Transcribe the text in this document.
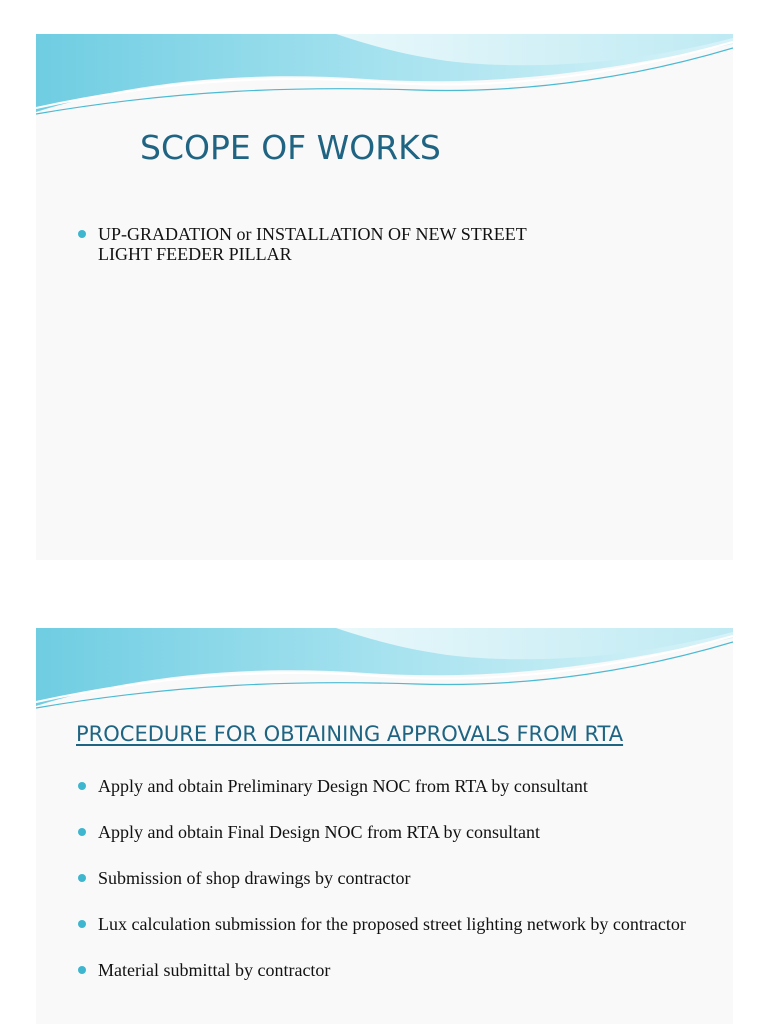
SCOPE OF WORKS
UP-GRADATION or INSTALLATION OF NEW STREET LIGHT FEEDER PILLAR
PROCEDURE FOR OBTAINING APPROVALS FROM RTA
Apply and obtain Preliminary Design NOC from RTA by consultant
Apply and obtain Final Design NOC from RTA by consultant
Submission of shop drawings by contractor
Lux calculation submission for the proposed street lighting network by contractor
Material submittal by contractor
